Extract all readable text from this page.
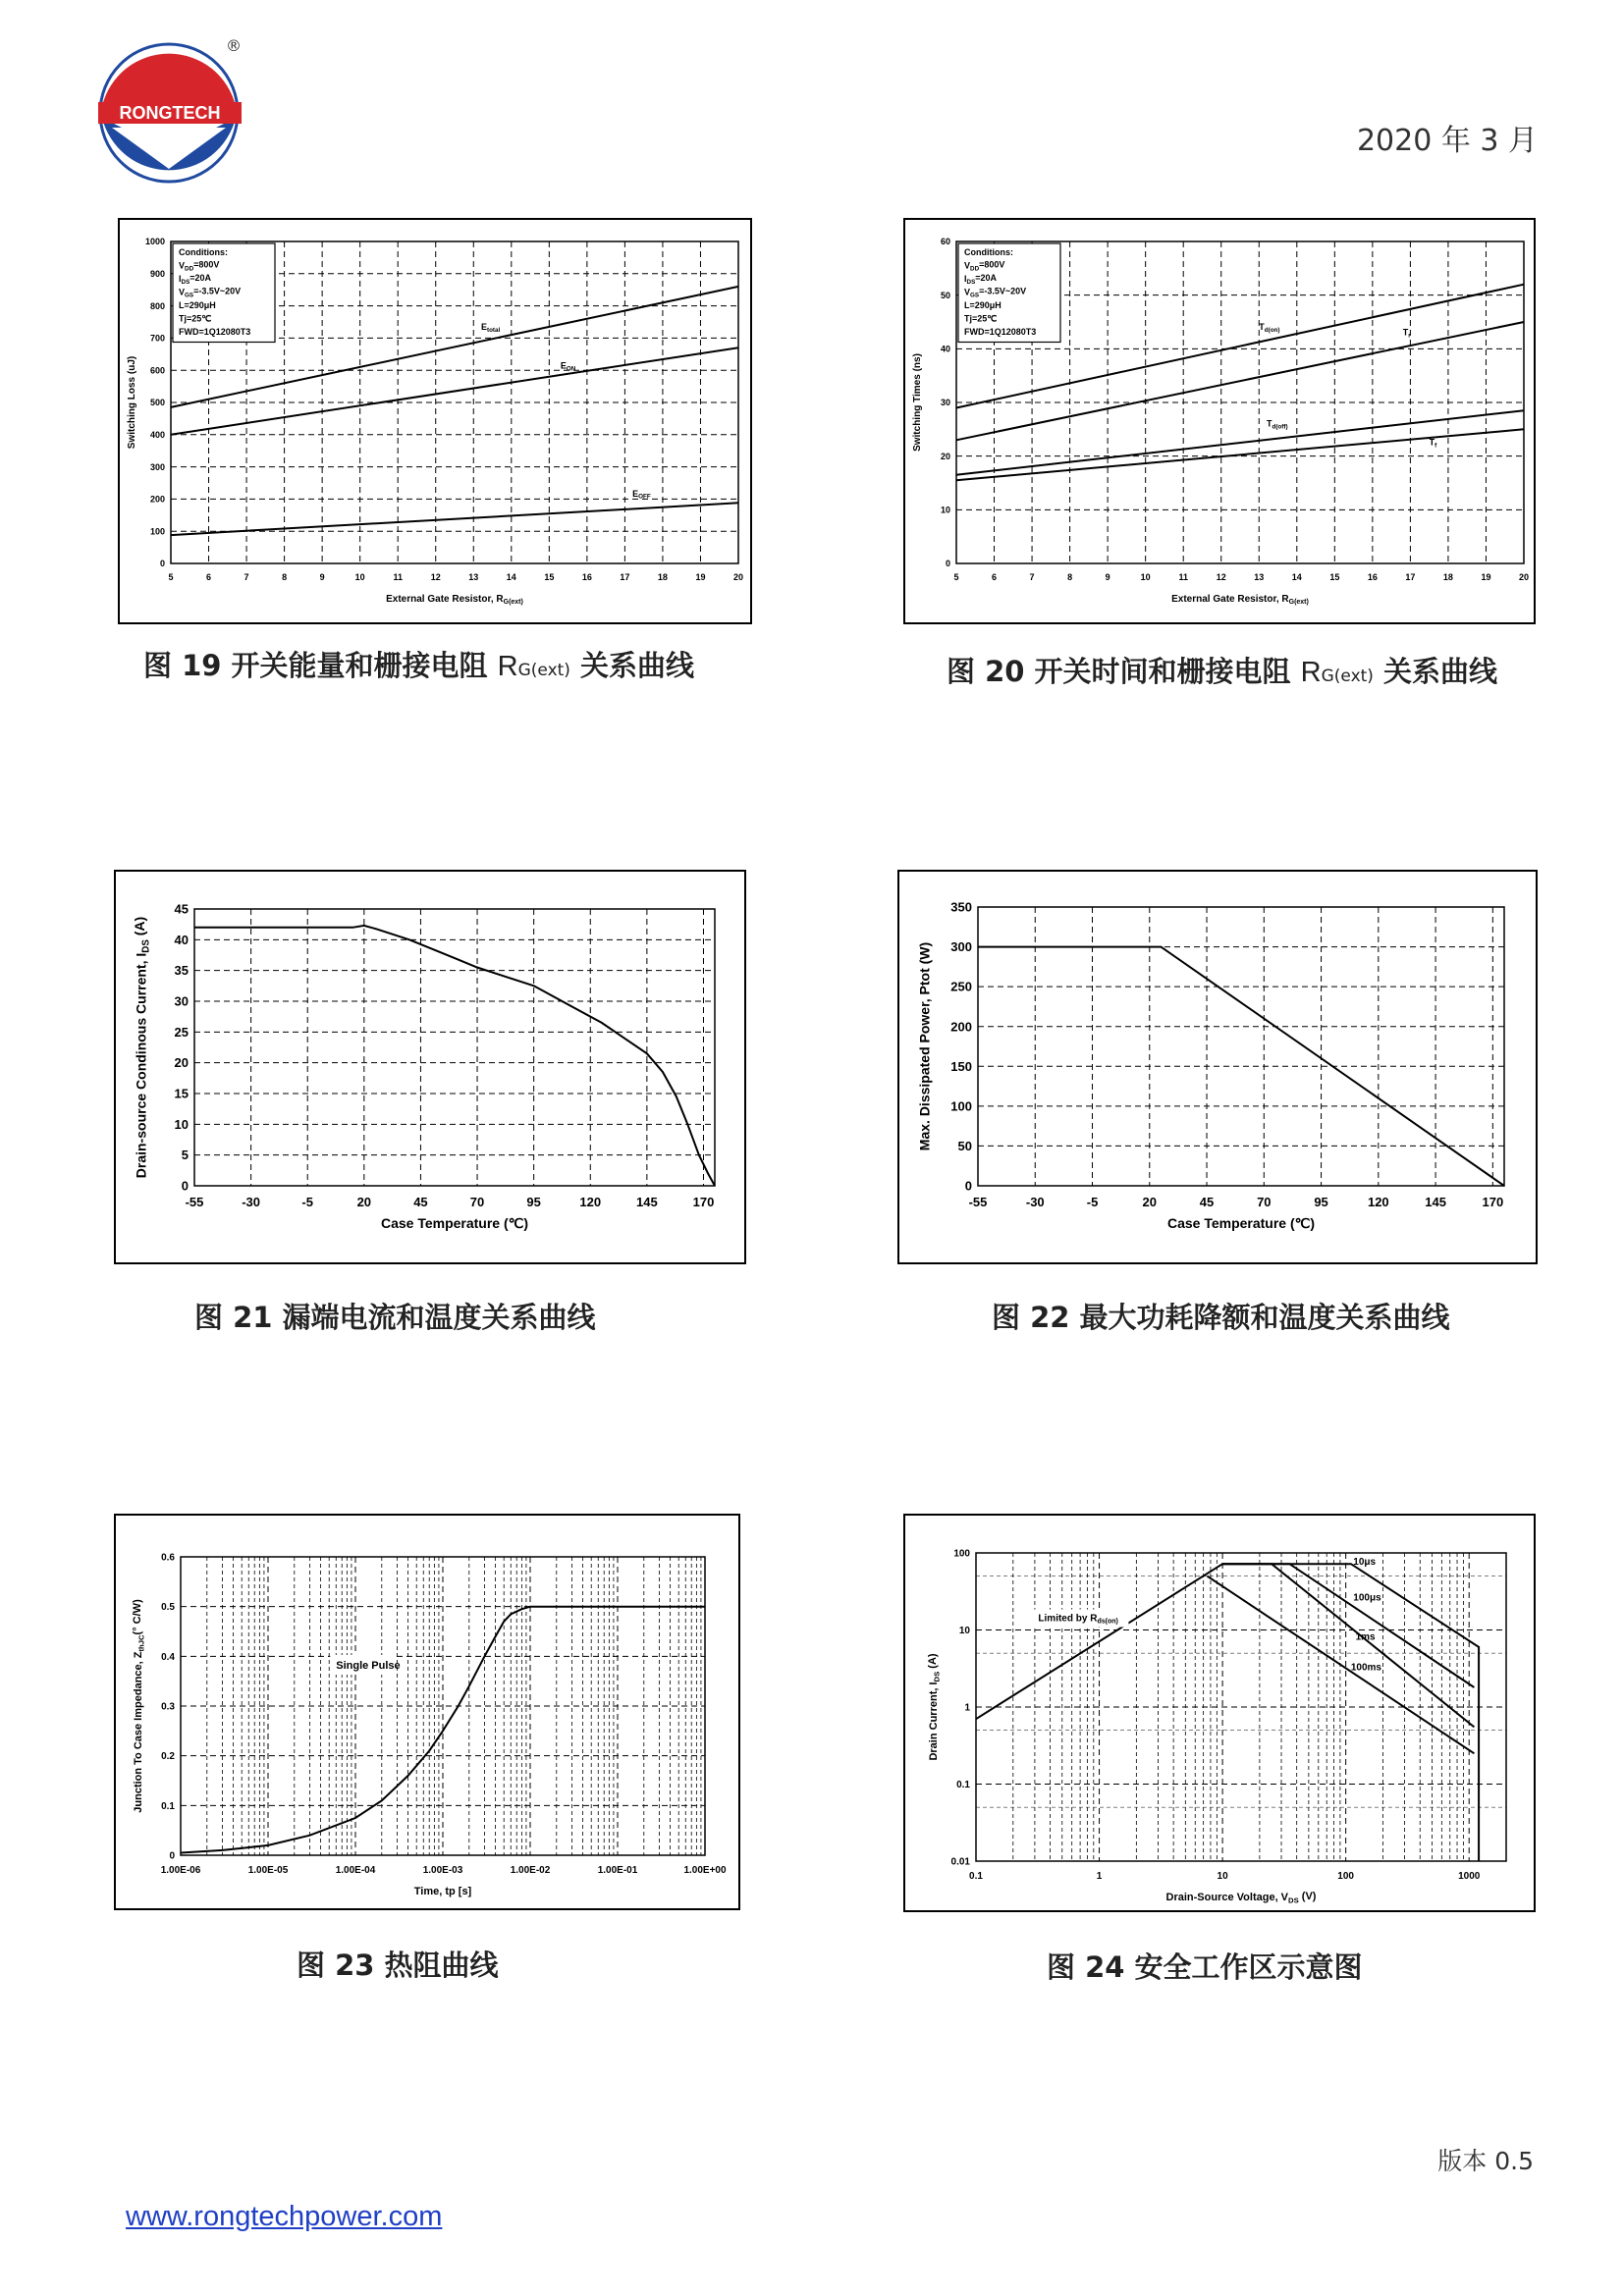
RONGTECH
®
2020 年 3 月
5	6	7	8	9	10	11	12	13	14	15	16	17	18	19	20
0
100
200
300
400
500
600
700
800
900
1000
External Gate Resistor, $R_{G(ext)}$
Switching Loss (uJ)
$E_{total}$
$E_{ON}$
$E_{OFF}$
Conditions:
$V_{DD}=800V$
$I_{DS}=20A$
$V_{GS}=-3.5V\sim 20V$
L=290μH
Tj=25℃
FWD=1Q12080T3
图 19 开关能量和栅接电阻 RG(ext) 关系曲线
5	6	7	8	9	10	11	12	13	14	15	16	17	18	19	20
0
10
20
30
40
50
60
External Gate Resistor, $R_{G(ext)}$
Switching Times (ns)
$T_{d(on)}$	$T_r$
$T_{d(off)}$
$T_f$
Conditions:
$V_{DD}=800V$
$I_{DS}=20A$
$V_{GS}=-3.5V\sim 20V$
L=290μH
Tj=25℃
FWD=1Q12080T3
图 20 开关时间和栅接电阻 RG(ext) 关系曲线
-55	-30	-5	20	45	70	95	120	145	170
0
5
10
15
20
25
30
35
40
45
Case Temperature (℃)
Drain-source Condinous Current, $I_{DS}$ (A)
图 21 漏端电流和温度关系曲线
-55	-30	-5	20	45	70	95	120	145	170
0
50
100
150
200
250
300
350
Case Temperature (℃)
Max. Dissipated Power, Ptot (W)
图 22 最大功耗降额和温度关系曲线
1.00E-06	1.00E-05	1.00E-04	1.00E-03	1.00E-02	1.00E-01	1.00E+00
0
0.1
0.2
0.3
0.4
0.5
0.6
Time, tp [s]
Junction To Case Impedance, $Z_{thJC}(^\circ$ C/W)
Single Pulse
图 23 热阻曲线
0.1	1	10	100	1000
0.01
0.1
1
10
100
Drain-Source Voltage, $V_{DS}$ (V)
Drain Current, $I_{DS}$ (A)
10μs
100μs
1ms
100ms
Limited by $R_{ds(on)}$
图 24 安全工作区示意图
版本 0.5
www.rongtechpower.com
